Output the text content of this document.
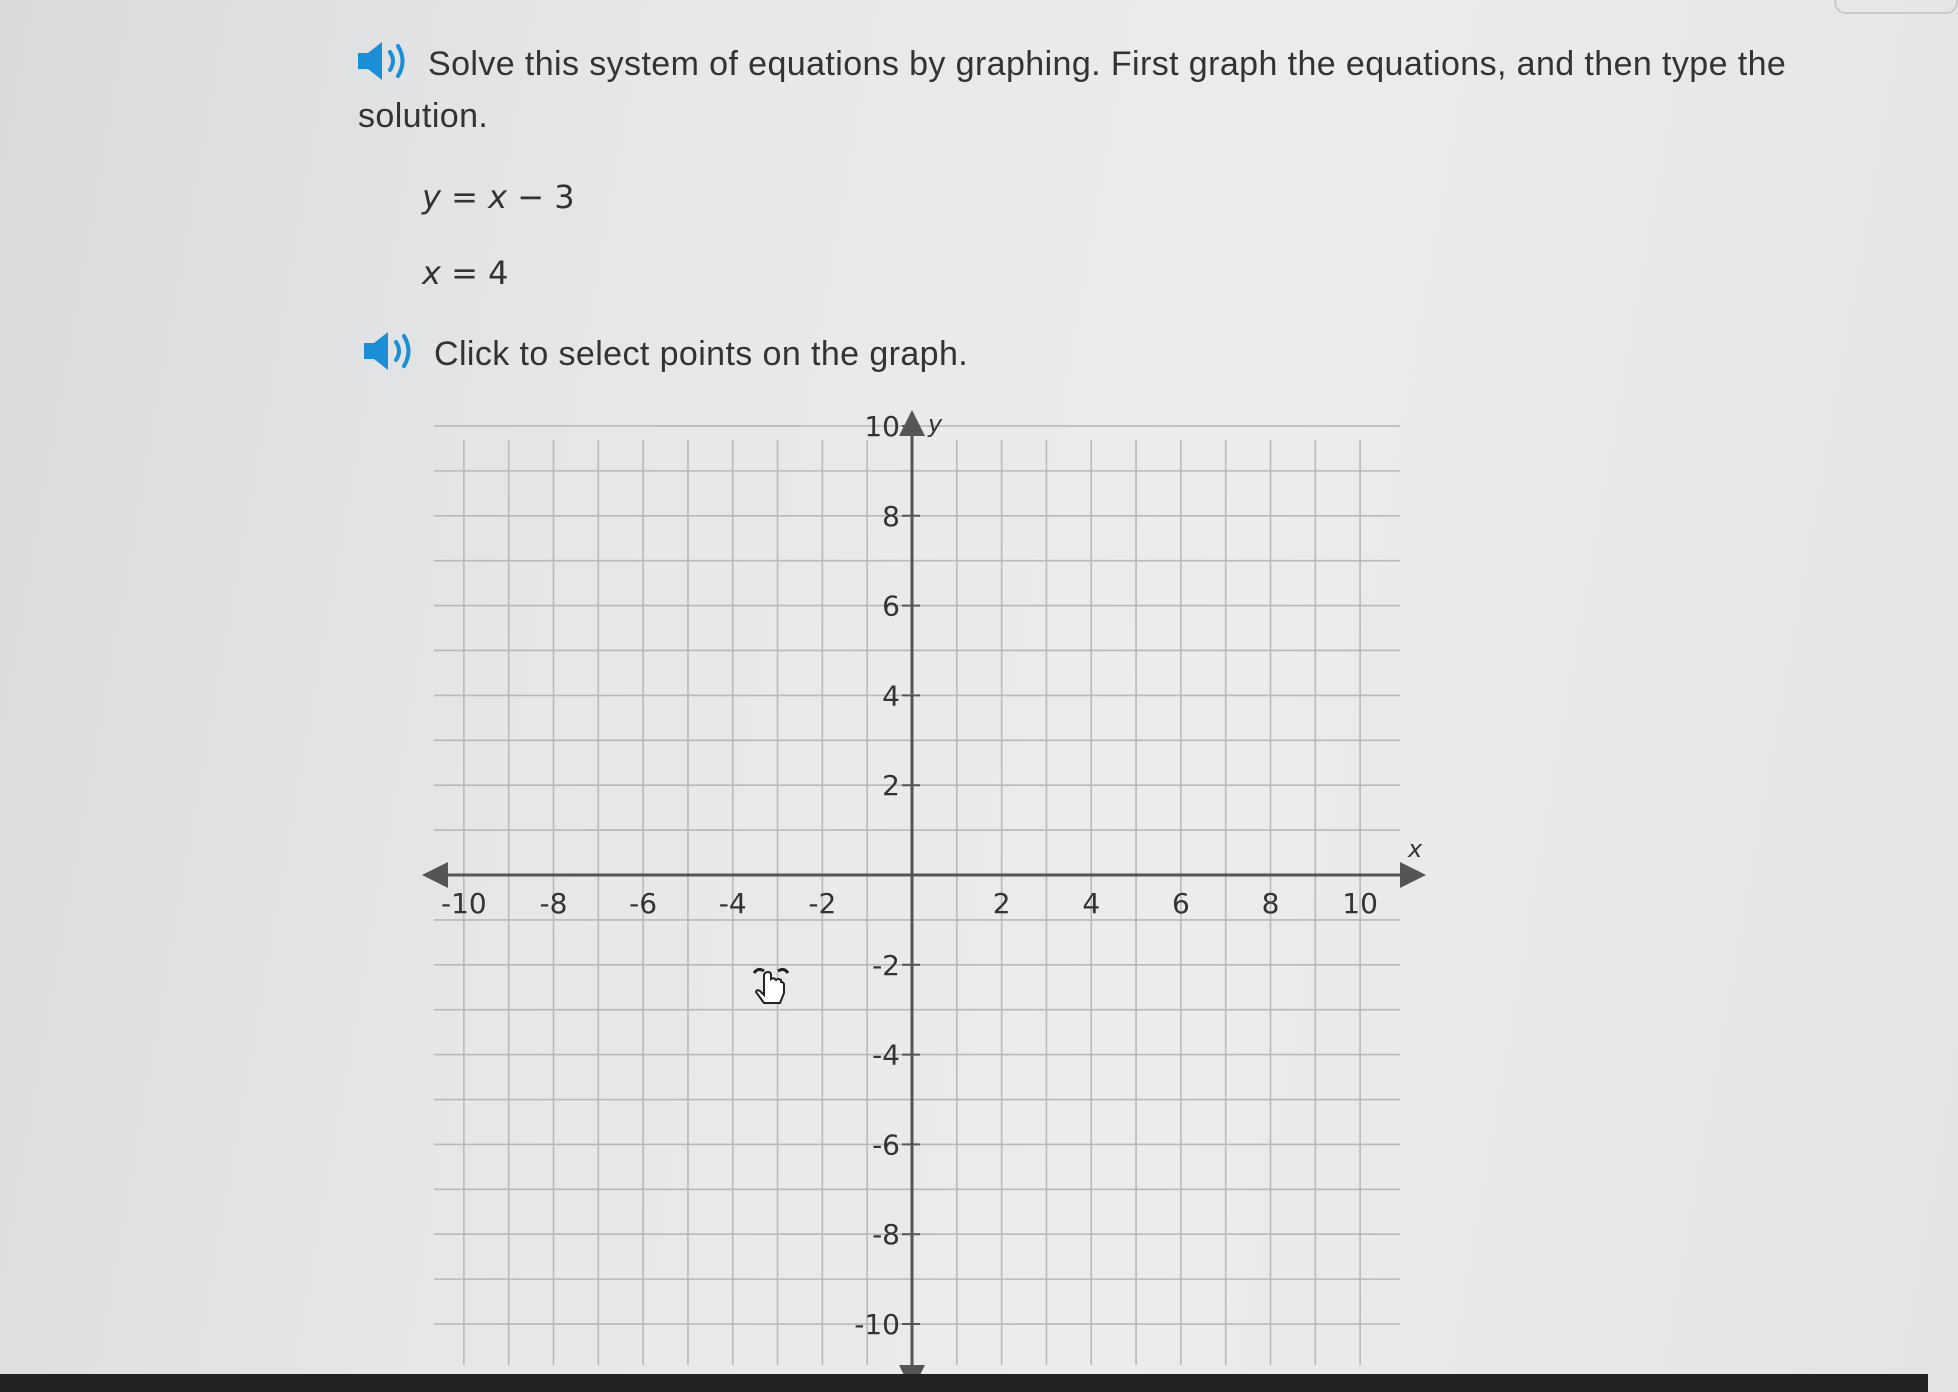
Solve this system of equations by graphing. First graph the equations, and then type the
solution.
y = x − 3
x = 4
Click to select points on the graph.
x
y
-10 -8 -6 -4 -2	2	4	6	8 10
10
8
6
4
2
-2
-4
-6
-8
-10
